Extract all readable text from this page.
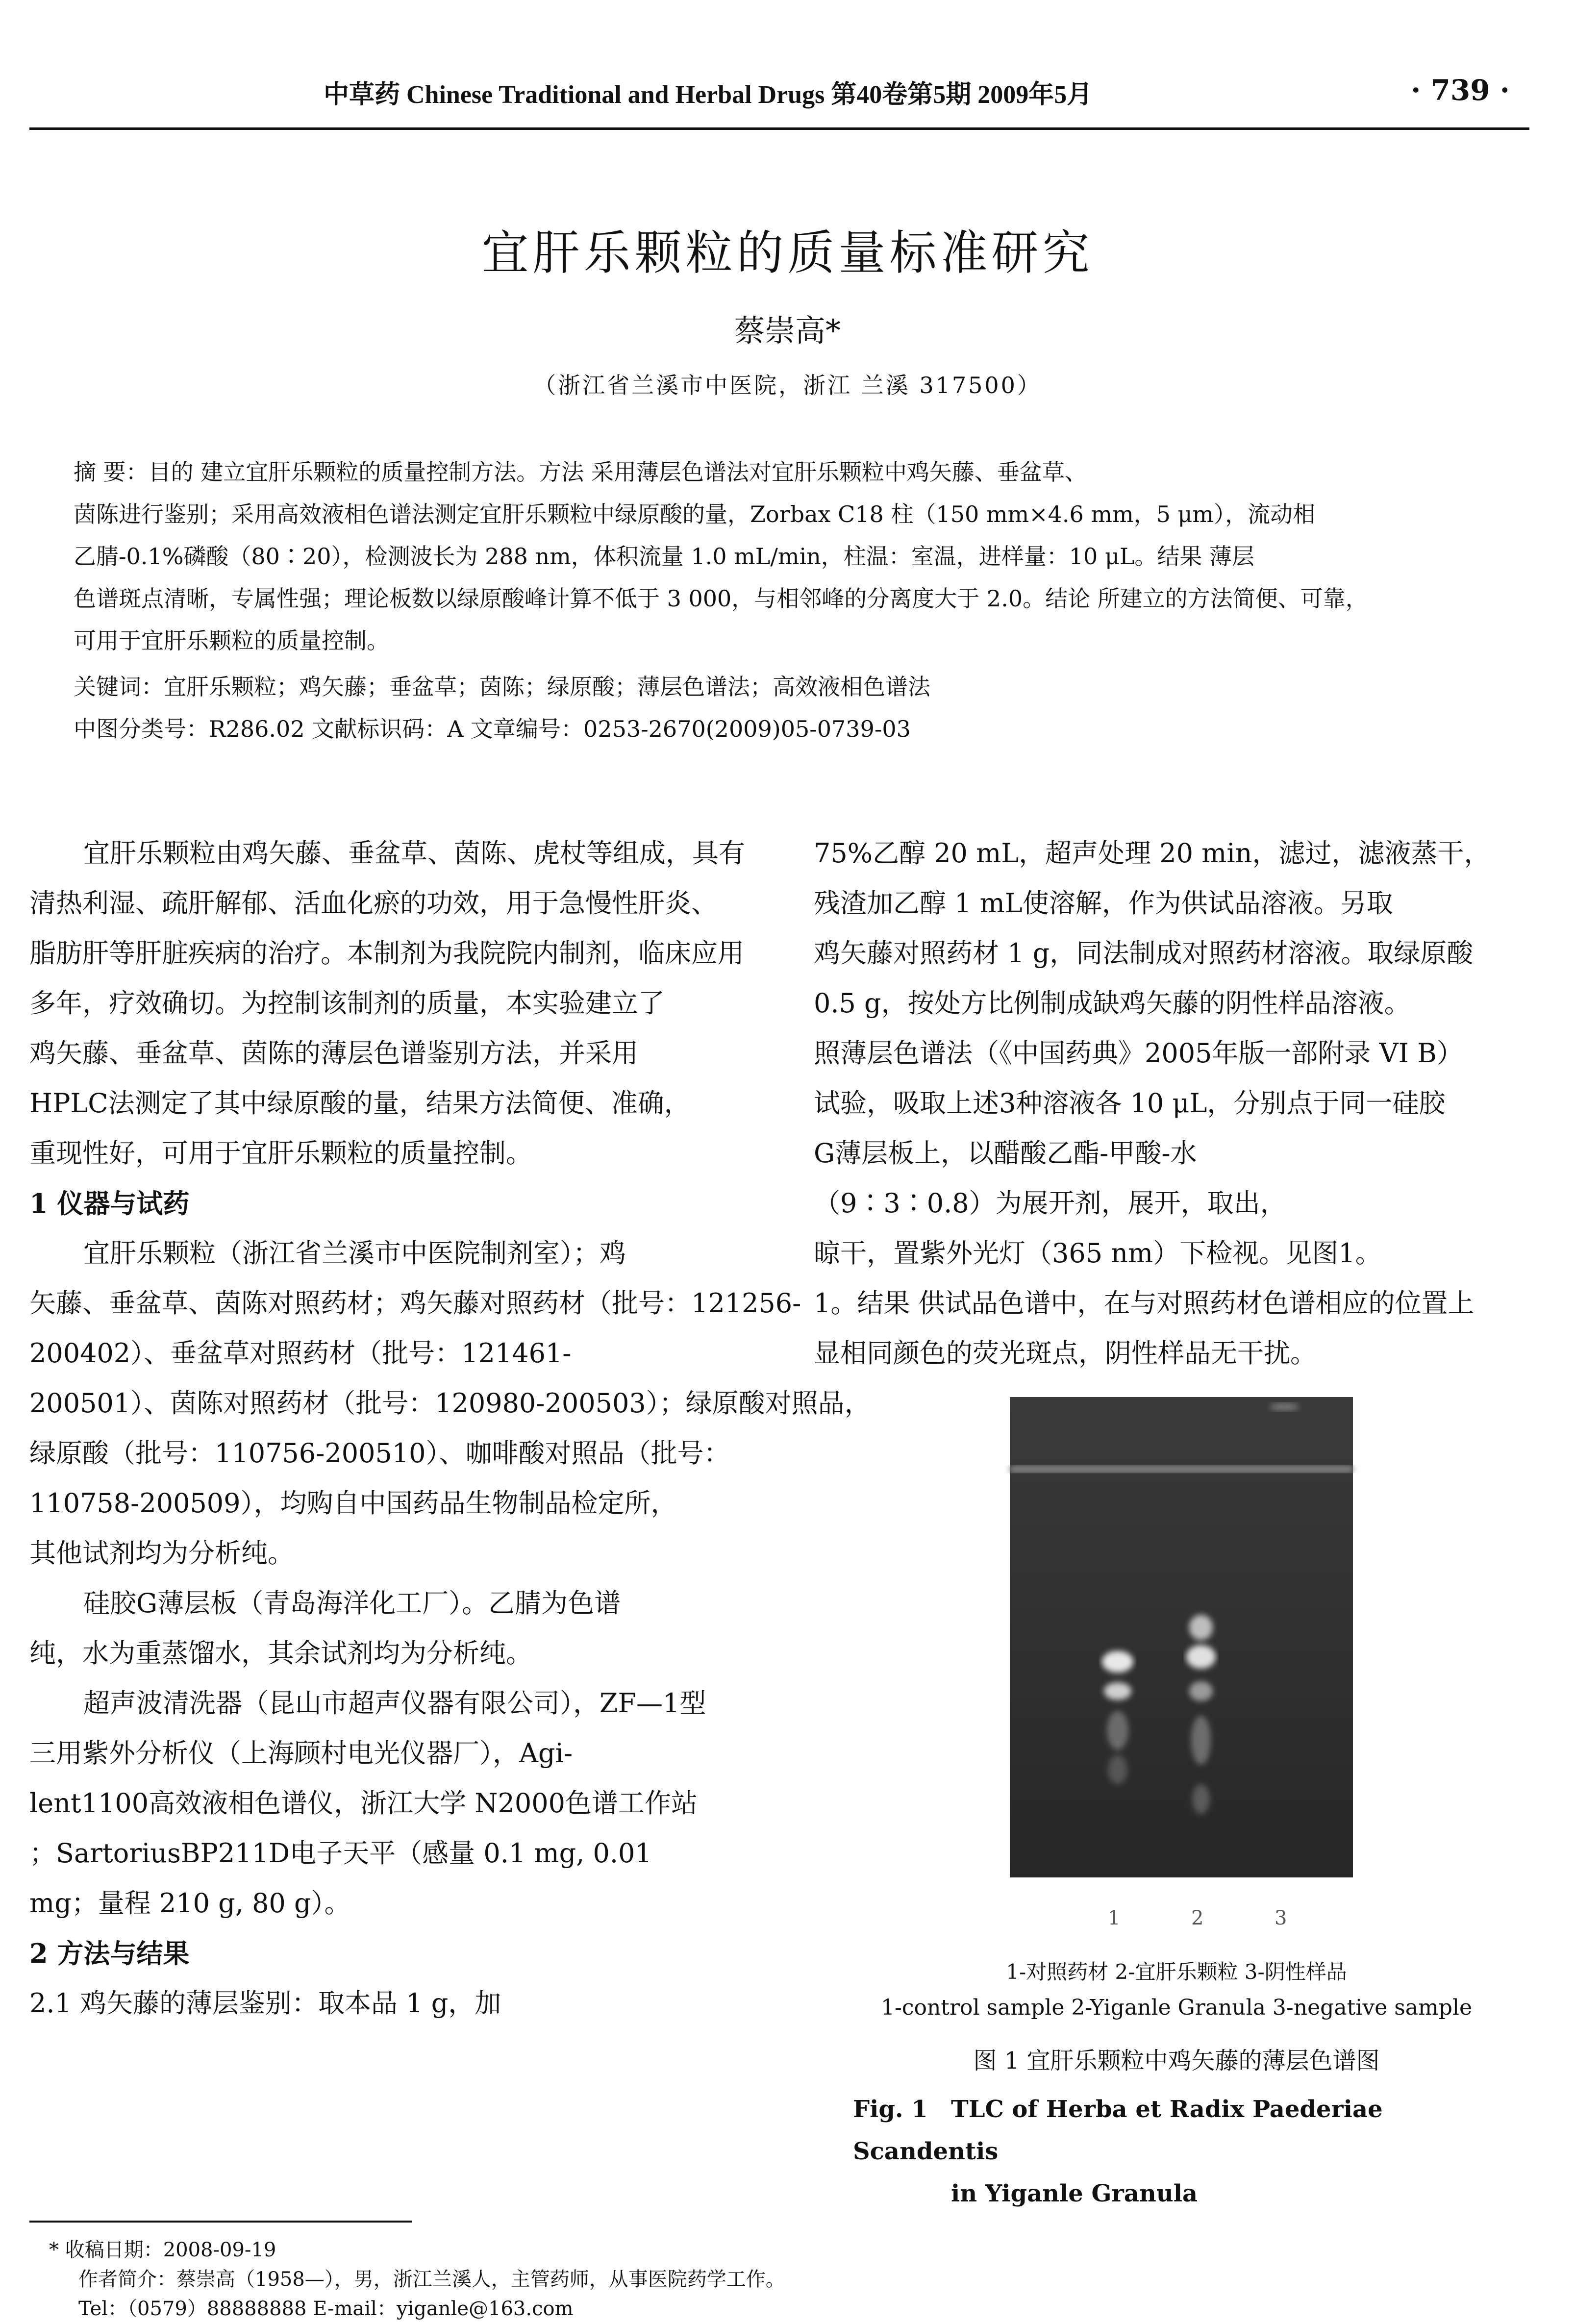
中草药 Chinese Traditional and Herbal Drugs 第40卷第5期 2009年5月	· 739 ·
宜肝乐颗粒的质量标准研究
蔡崇高*
（浙江省兰溪市中医院，浙江 兰溪 317500）
摘 要：目的 建立宜肝乐颗粒的质量控制方法。方法 采用薄层色谱法对宜肝乐颗粒中鸡矢藤、垂盆草、
茵陈进行鉴别；采用高效液相色谱法测定宜肝乐颗粒中绿原酸的量，Zorbax C18 柱（150 mm×4.6 mm，5 μm），流动相
乙腈-0.1%磷酸（80∶20），检测波长为 288 nm，体积流量 1.0 mL/min，柱温：室温，进样量：10 μL。结果 薄层
色谱斑点清晰，专属性强；理论板数以绿原酸峰计算不低于 3 000，与相邻峰的分离度大于 2.0。结论 所建立的方法简便、可靠，
可用于宜肝乐颗粒的质量控制。
关键词：宜肝乐颗粒；鸡矢藤；垂盆草；茵陈；绿原酸；薄层色谱法；高效液相色谱法
中图分类号：R286.02 文献标识码：A 文章编号：0253-2670(2009)05-0739-03
宜肝乐颗粒由鸡矢藤、垂盆草、茵陈、虎杖等组成，具有
清热利湿、疏肝解郁、活血化瘀的功效，用于急慢性肝炎、
脂肪肝等肝脏疾病的治疗。本制剂为我院院内制剂，临床应用
多年，疗效确切。为控制该制剂的质量，本实验建立了
鸡矢藤、垂盆草、茵陈的薄层色谱鉴别方法，并采用
HPLC法测定了其中绿原酸的量，结果方法简便、准确，
重现性好，可用于宜肝乐颗粒的质量控制。
1 仪器与试药
宜肝乐颗粒（浙江省兰溪市中医院制剂室）；鸡
矢藤、垂盆草、茵陈对照药材；鸡矢藤对照药材（批号：121256-
200402）、垂盆草对照药材（批号：121461-
200501）、茵陈对照药材（批号：120980-200503）；绿原酸对照品，
绿原酸（批号：110756-200510）、咖啡酸对照品（批号：
110758-200509），均购自中国药品生物制品检定所，
其他试剂均为分析纯。
硅胶G薄层板（青岛海洋化工厂）。乙腈为色谱
纯，水为重蒸馏水，其余试剂均为分析纯。
超声波清洗器（昆山市超声仪器有限公司），ZF—1型
三用紫外分析仪（上海顾村电光仪器厂），Agi-
lent1100高效液相色谱仪，浙江大学 N2000色谱工作站
；SartoriusBP211D电子天平（感量 0.1 mg, 0.01
mg；量程 210 g, 80 g）。
2 方法与结果
2.1 鸡矢藤的薄层鉴别：取本品 1 g，加
75%乙醇 20 mL，超声处理 20 min，滤过，滤液蒸干，
残渣加乙醇 1 mL使溶解，作为供试品溶液。另取
鸡矢藤对照药材 1 g，同法制成对照药材溶液。取绿原酸
0.5 g，按处方比例制成缺鸡矢藤的阴性样品溶液。
照薄层色谱法（《中国药典》2005年版一部附录 VI B）
试验，吸取上述3种溶液各 10 μL，分别点于同一硅胶
G薄层板上，以醋酸乙酯-甲酸-水
（9∶3∶0.8）为展开剂，展开，取出，
晾干，置紫外光灯（365 nm）下检视。见图1。
1。结果 供试品色谱中，在与对照药材色谱相应的位置上
显相同颜色的荧光斑点，阴性样品无干扰。
1	2	3
1-对照药材 2-宜肝乐颗粒 3-阴性样品
1-control sample 2-Yiganle Granula 3-negative sample
图 1 宜肝乐颗粒中鸡矢藤的薄层色谱图
Fig. 1 TLC of Herba et Radix Paederiae Scandentis
in Yiganle Granula
* 收稿日期：2008-09-19
作者简介：蔡崇高（1958—），男，浙江兰溪人，主管药师，从事医院药学工作。
Tel：（0579）88888888 E-mail：yiganle@163.com
